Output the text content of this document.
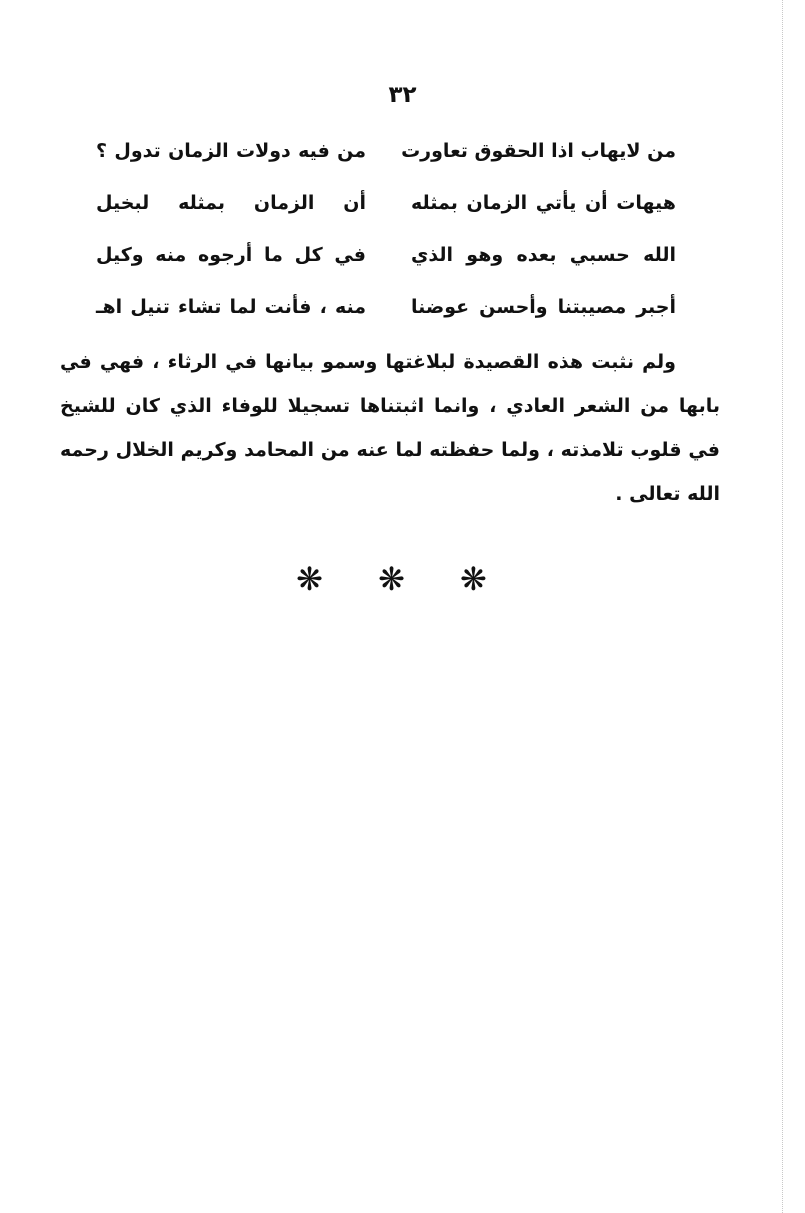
٣٢
من لايهاب اذا الحقوق تعاورت
من فيه دولات الزمان تدول ؟
هيهات أن يأتي الزمان بمثله
أن الزمان بمثله لبخيل
الله حسبي بعده وهو الذي
في كل ما أرجوه منه وكيل
أجبر مصيبتنا وأحسن عوضنا
منه ، فأنت لما تشاء تنيل اهـ
ولم نثبت هذه القصيدة لبلاغتها وسمو بيانها في الرثاء ، فهي في
بابها من الشعر العادي ، وانما اثبتناها تسجيلا للوفاء الذي كان للشيخ
في قلوب تلامذته ، ولما حفظته لما عنه من المحامد وكريم الخلال رحمه
الله تعالى .
❋ ❋ ❋
